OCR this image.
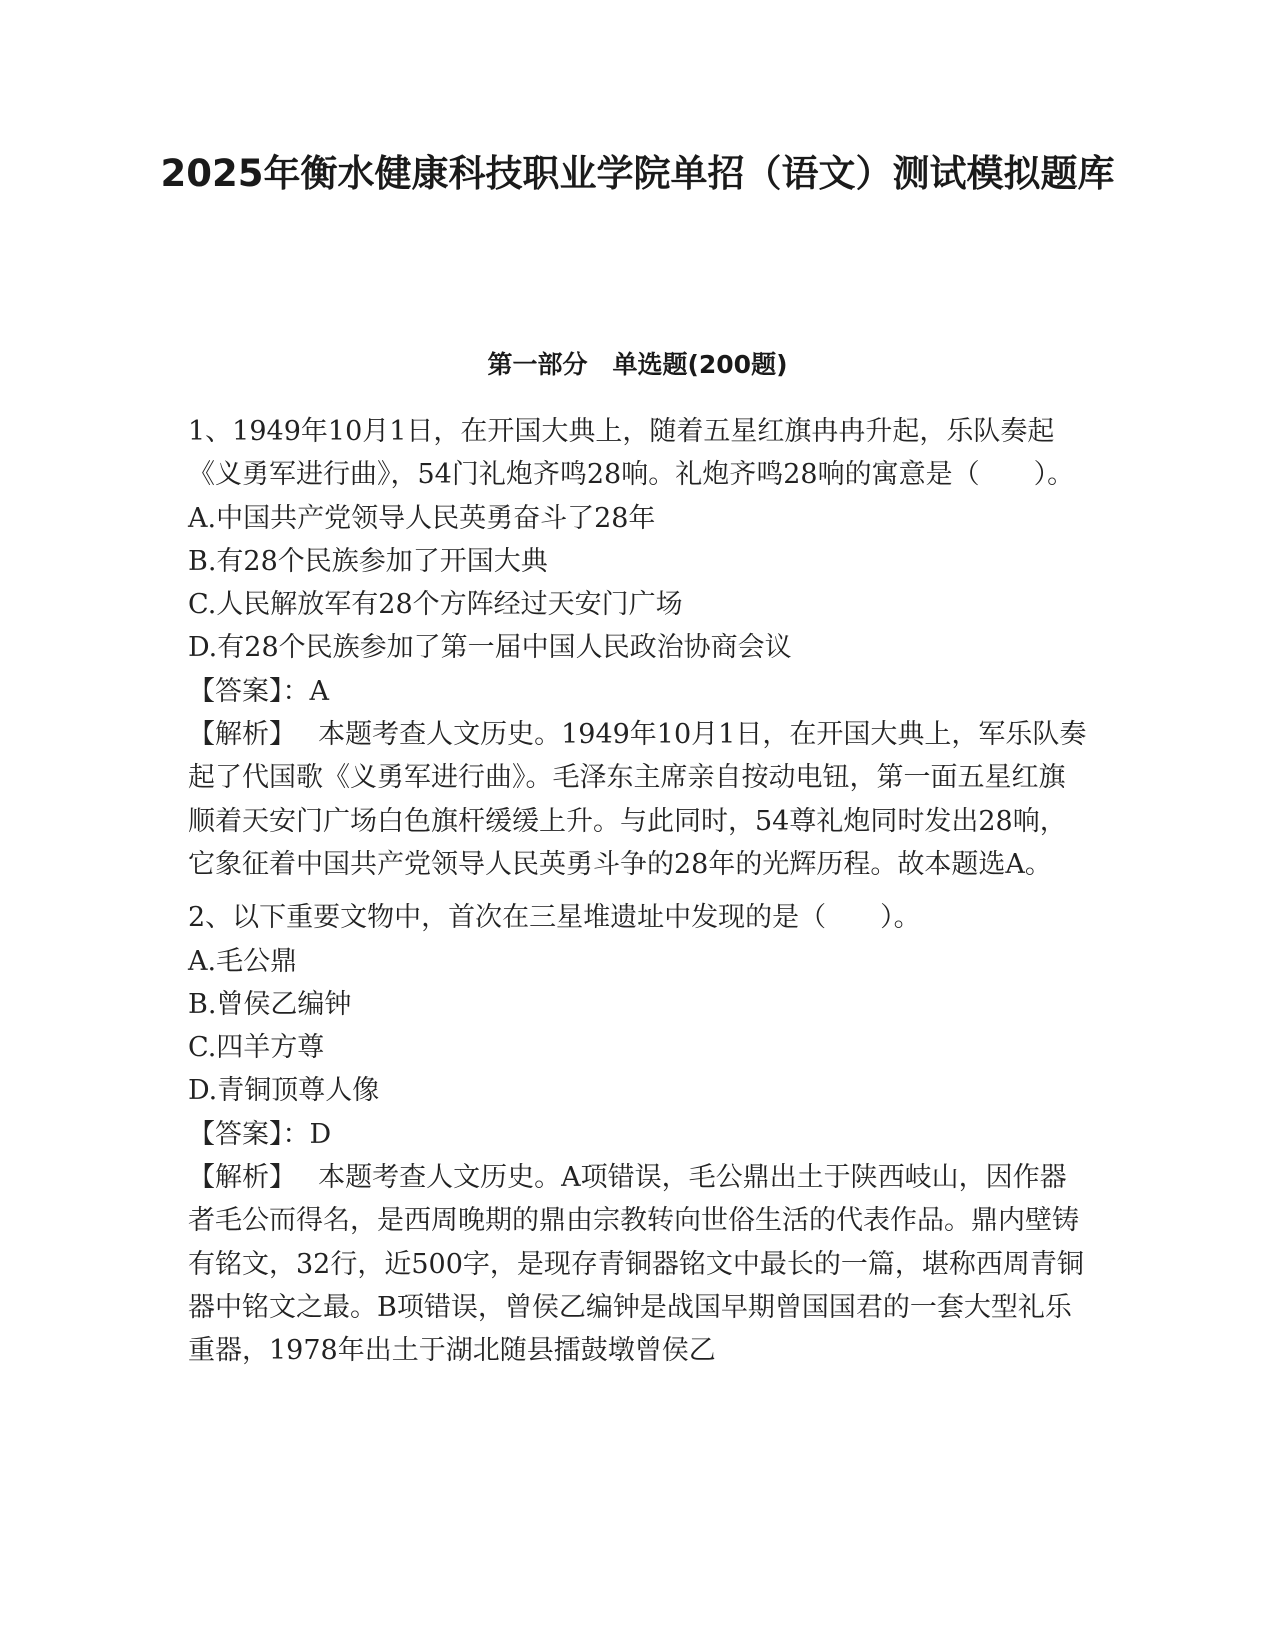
2025年衡水健康科技职业学院单招（语文）测试模拟题库
第一部分　单选题(200题)

1、1949年10月1日，在开国大典上，随着五星红旗冉冉升起，乐队奏起《义勇军进行曲》，54门礼炮齐鸣28响。礼炮齐鸣28响的寓意是（　　）。

A.中国共产党领导人民英勇奋斗了28年

B.有28个民族参加了开国大典

C.人民解放军有28个方阵经过天安门广场

D.有28个民族参加了第一届中国人民政治协商会议

【答案】：A

【解析】　 本题考查人文历史。1949年10月1日，在开国大典上，军乐队奏起了代国歌《义勇军进行曲》。毛泽东主席亲自按动电钮，第一面五星红旗顺着天安门广场白色旗杆缓缓上升。与此同时，54尊礼炮同时发出28响，它象征着中国共产党领导人民英勇斗争的28年的光辉历程。故本题选A。

2、以下重要文物中，首次在三星堆遗址中发现的是（　　）。

A.毛公鼎

B.曾侯乙编钟

C.四羊方尊

D.青铜顶尊人像

【答案】：D

【解析】　 本题考查人文历史。A项错误，毛公鼎出土于陕西岐山，因作器者毛公而得名，是西周晚期的鼎由宗教转向世俗生活的代表作品。鼎内壁铸有铭文，32行，近500字，是现存青铜器铭文中最长的一篇，堪称西周青铜器中铭文之最。B项错误，曾侯乙编钟是战国早期曾国国君的一套大型礼乐重器，1978年出土于湖北随县擂鼓墩曾侯乙
